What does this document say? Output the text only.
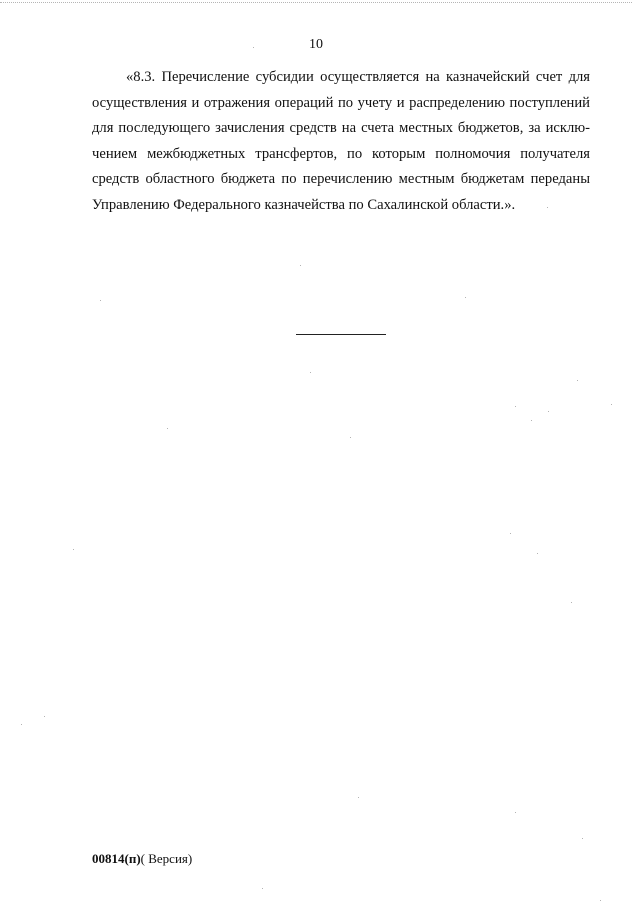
10
«8.3. Перечисление субсидии осуществляется на казначейский счет для
осуществления и отражения операций по учету и распределению поступлений
для последующего зачисления средств на счета местных бюджетов, за исклю-
чением межбюджетных трансфертов, по которым полномочия получателя
средств областного бюджета по перечислению местным бюджетам переданы
Управлению Федерального казначейства по Сахалинской области.».
00814(п)( Версия)
